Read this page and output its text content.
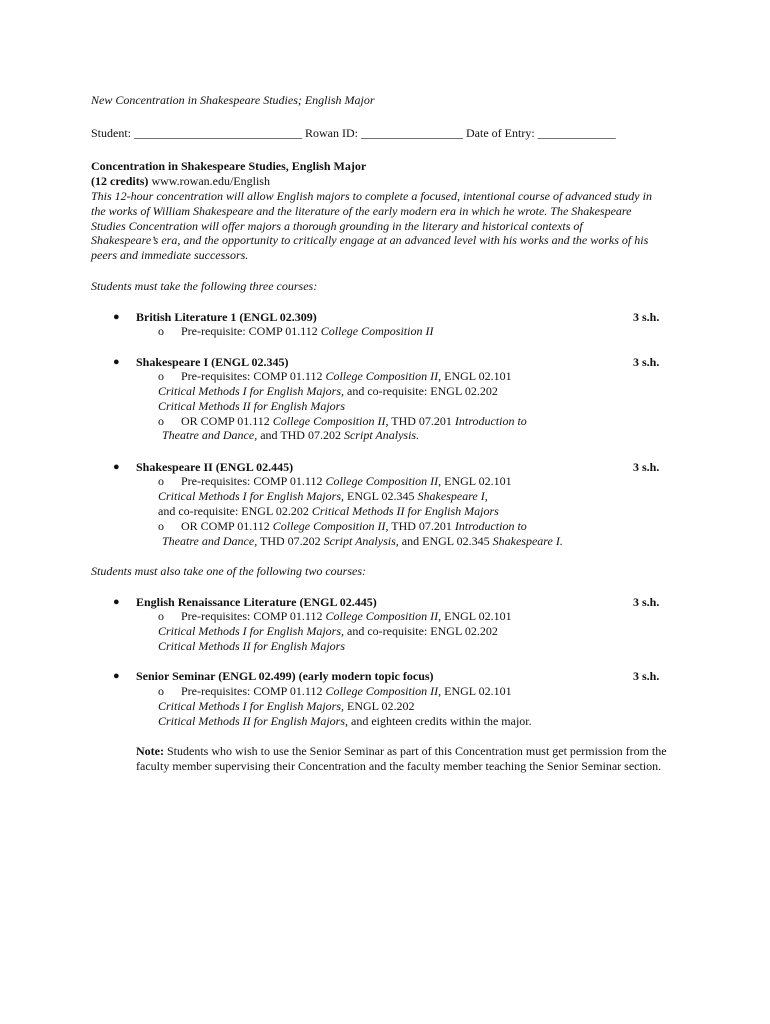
New Concentration in Shakespeare Studies; English Major
Student: ____________________________ Rowan ID: _________________ Date of Entry: _____________
Concentration in Shakespeare Studies, English Major
(12 credits) www.rowan.edu/English
This 12-hour concentration will allow English majors to complete a focused, intentional course of advanced study in
the works of William Shakespeare and the literature of the early modern era in which he wrote. The Shakespeare
Studies Concentration will offer majors a thorough grounding in the literary and historical contexts of
Shakespeare’s era, and the opportunity to critically engage at an advanced level with his works and the works of his
peers and immediate successors.
Students must take the following three courses:
● British Literature 1 (ENGL 02.309)	3 s.h.
o Pre-requisite: COMP 01.112 College Composition II
● Shakespeare I (ENGL 02.345)	3 s.h.
o Pre-requisites: COMP 01.112 College Composition II, ENGL 02.101
Critical Methods I for English Majors, and co-requisite: ENGL 02.202
Critical Methods II for English Majors
o OR COMP 01.112 College Composition II, THD 07.201 Introduction to
Theatre and Dance, and THD 07.202 Script Analysis.
● Shakespeare II (ENGL 02.445)	3 s.h.
o Pre-requisites: COMP 01.112 College Composition II, ENGL 02.101
Critical Methods I for English Majors, ENGL 02.345 Shakespeare I,
and co-requisite: ENGL 02.202 Critical Methods II for English Majors
o OR COMP 01.112 College Composition II, THD 07.201 Introduction to
Theatre and Dance, THD 07.202 Script Analysis, and ENGL 02.345 Shakespeare I.
Students must also take one of the following two courses:
● English Renaissance Literature (ENGL 02.445)	3 s.h.
o Pre-requisites: COMP 01.112 College Composition II, ENGL 02.101
Critical Methods I for English Majors, and co-requisite: ENGL 02.202
Critical Methods II for English Majors
● Senior Seminar (ENGL 02.499) (early modern topic focus)	3 s.h.
o Pre-requisites: COMP 01.112 College Composition II, ENGL 02.101
Critical Methods I for English Majors, ENGL 02.202
Critical Methods II for English Majors, and eighteen credits within the major.
Note: Students who wish to use the Senior Seminar as part of this Concentration must get permission from the faculty member supervising their Concentration and the faculty member teaching the Senior Seminar section.
